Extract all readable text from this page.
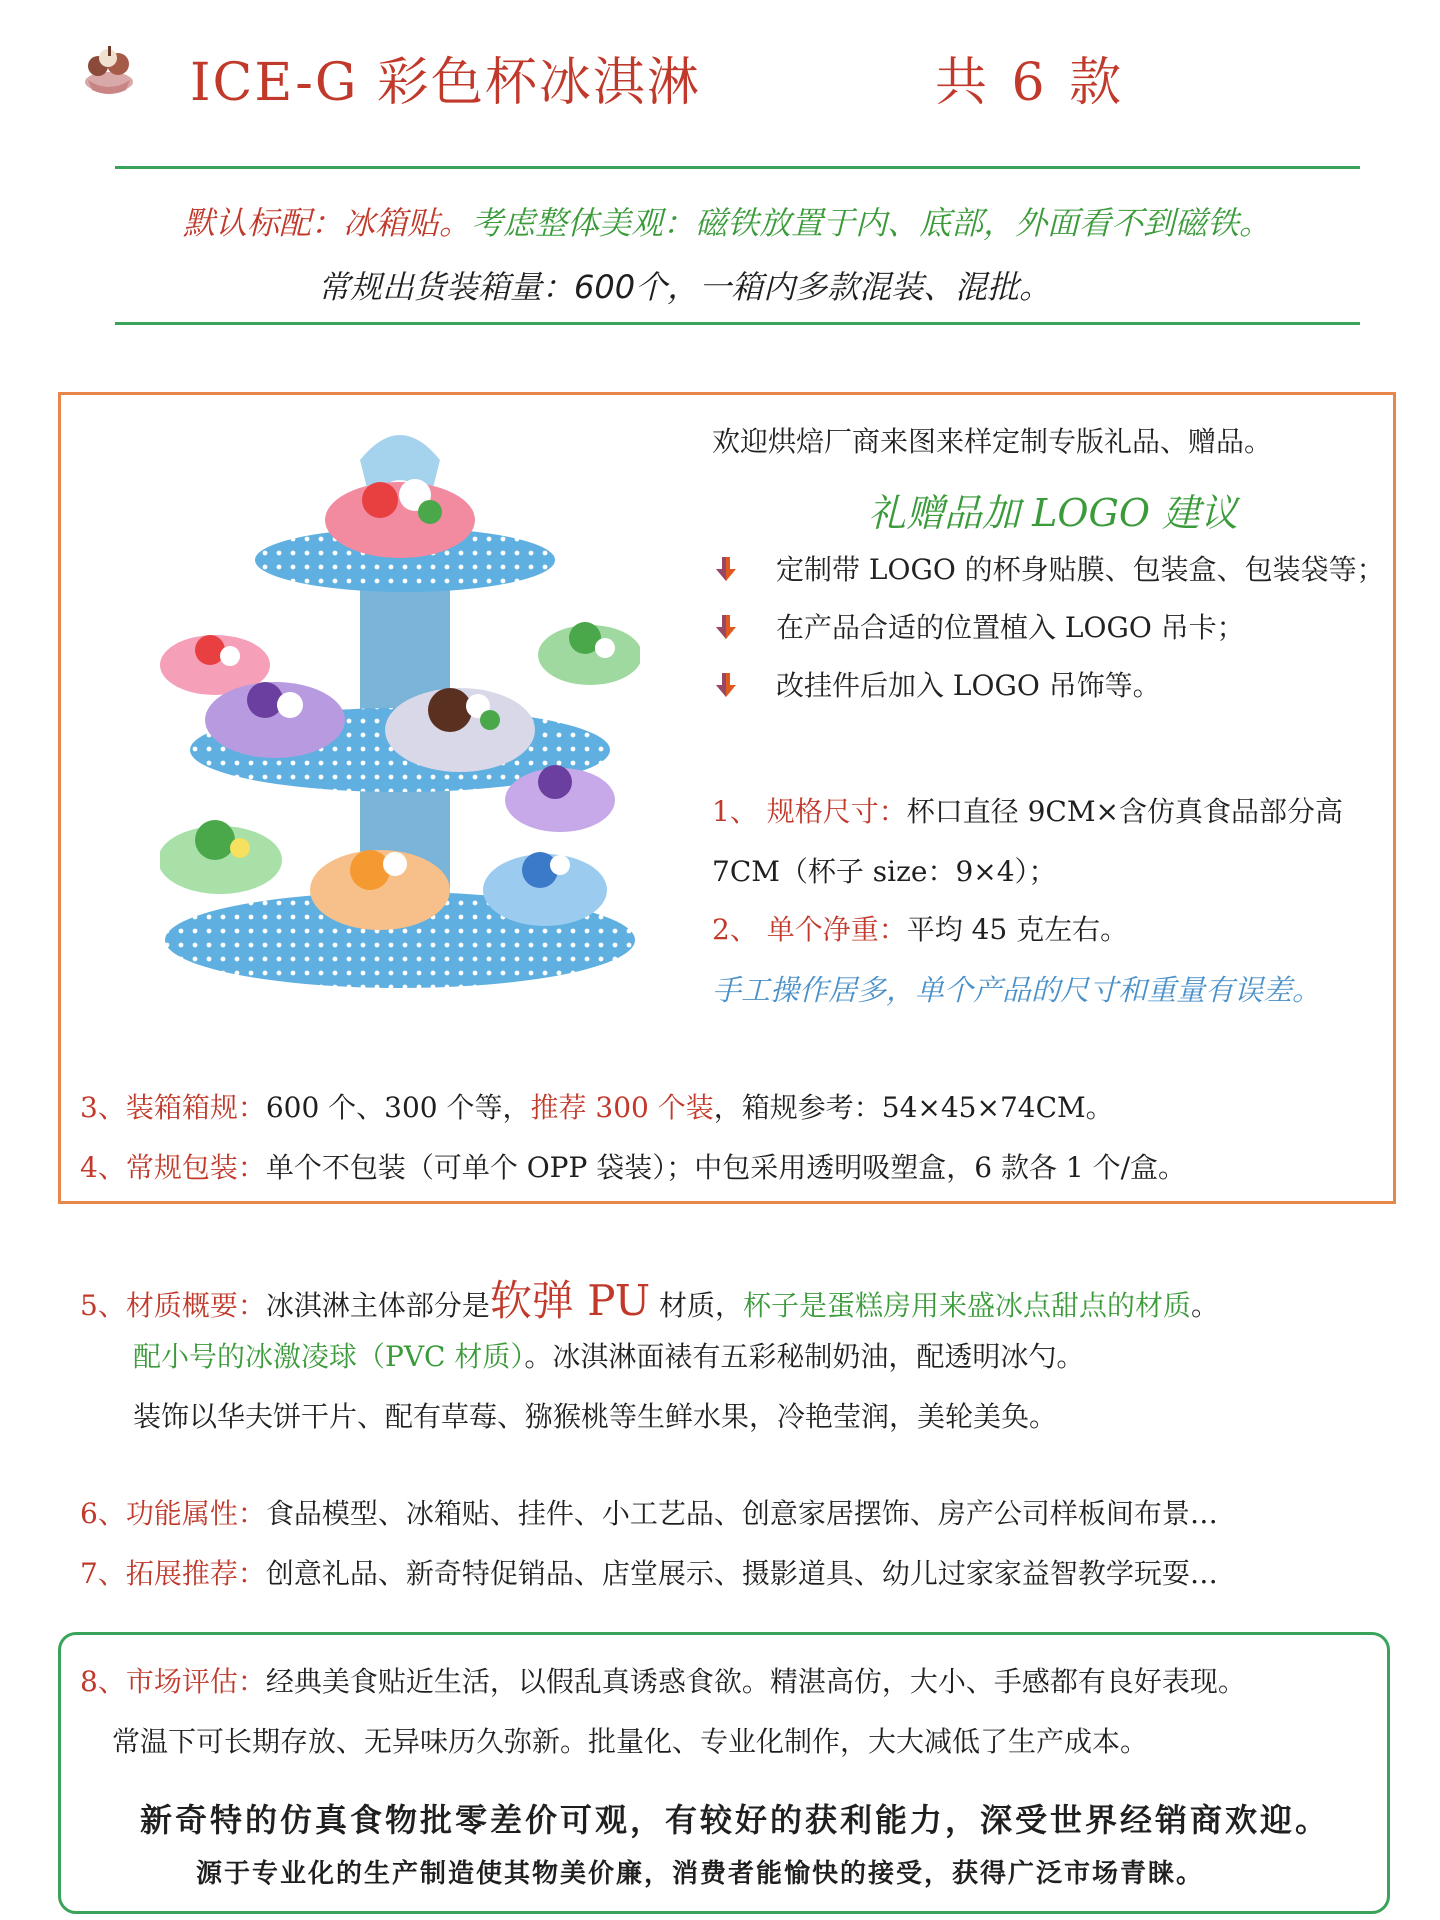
ICE-G 彩色杯冰淇淋	共 6 款
默认标配：冰箱贴。考虑整体美观：磁铁放置于内、底部，外面看不到磁铁。
常规出货装箱量：600个，一箱内多款混装、混批。
欢迎烘焙厂商来图来样定制专版礼品、赠品。
礼赠品加 LOGO 建议
定制带 LOGO 的杯身贴膜、包装盒、包装袋等；
在产品合适的位置植入 LOGO 吊卡；
改挂件后加入 LOGO 吊饰等。
1、 规格尺寸：杯口直径 9CM×含仿真食品部分高
7CM（杯子 size：9×4）；
2、 单个净重：平均 45 克左右。
手工操作居多，单个产品的尺寸和重量有误差。
3、装箱箱规：600 个、300 个等，推荐 300 个装，箱规参考：54×45×74CM。
4、常规包装：单个不包装（可单个 OPP 袋装）；中包采用透明吸塑盒，6 款各 1 个/盒。
5、材质概要：冰淇淋主体部分是软弹 PU 材质，杯子是蛋糕房用来盛冰点甜点的材质。
配小号的冰激凌球（PVC 材质）。冰淇淋面裱有五彩秘制奶油，配透明冰勺。
装饰以华夫饼干片、配有草莓、猕猴桃等生鲜水果，冷艳莹润，美轮美奂。
6、功能属性：食品模型、冰箱贴、挂件、小工艺品、创意家居摆饰、房产公司样板间布景…
7、拓展推荐：创意礼品、新奇特促销品、店堂展示、摄影道具、幼儿过家家益智教学玩耍…
8、市场评估：经典美食贴近生活，以假乱真诱惑食欲。精湛高仿，大小、手感都有良好表现。
常温下可长期存放、无异味历久弥新。批量化、专业化制作，大大减低了生产成本。
新奇特的仿真食物批零差价可观，有较好的获利能力，深受世界经销商欢迎。
源于专业化的生产制造使其物美价廉，消费者能愉快的接受，获得广泛市场青睐。
